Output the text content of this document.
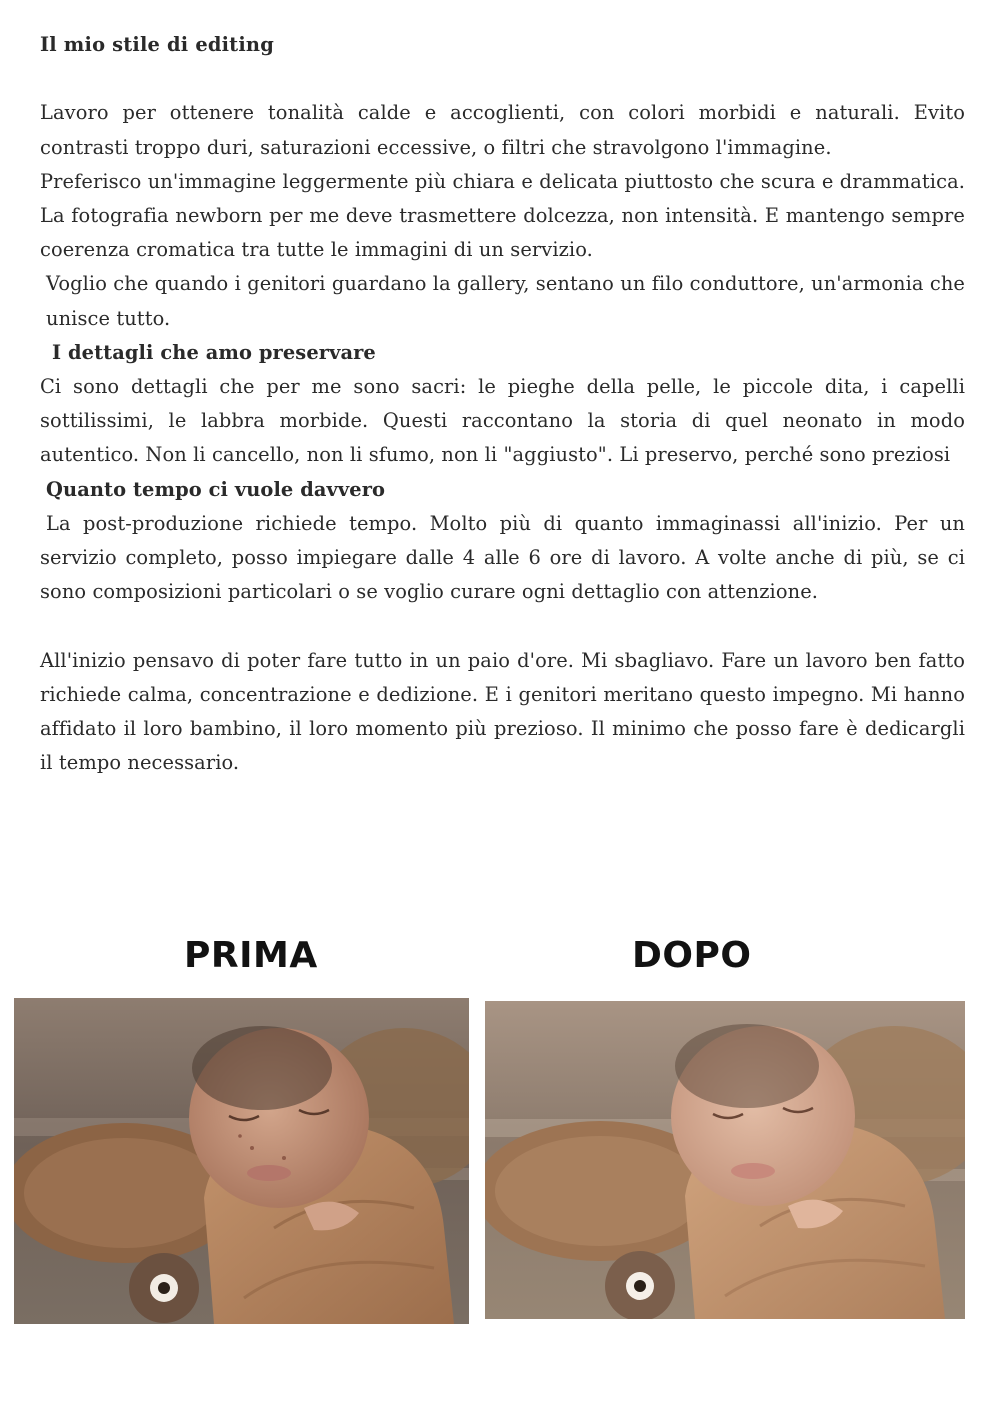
Il mio stile di editing

Lavoro per ottenere tonalità calde e accoglienti, con colori morbidi e naturali. Evito contrasti troppo duri, saturazioni eccessive, o filtri che stravolgono l'immagine.

Preferisco un'immagine leggermente più chiara e delicata piuttosto che scura e drammatica. La fotografia newborn per me deve trasmettere dolcezza, non intensità. E mantengo sempre coerenza cromatica tra tutte le immagini di un servizio.

Voglio che quando i genitori guardano la gallery, sentano un filo conduttore, un'armonia che unisce tutto.

I dettagli che amo preservare

Ci sono dettagli che per me sono sacri: le pieghe della pelle, le piccole dita, i capelli sottilissimi, le labbra morbide. Questi raccontano la storia di quel neonato in modo autentico. Non li cancello, non li sfumo, non li "aggiusto". Li preservo, perché sono preziosi

Quanto tempo ci vuole davvero

La post-produzione richiede tempo. Molto più di quanto immaginassi all'inizio. Per un servizio completo, posso impiegare dalle 4 alle 6 ore di lavoro. A volte anche di più, se ci sono composizioni particolari o se voglio curare ogni dettaglio con attenzione.

All'inizio pensavo di poter fare tutto in un paio d'ore. Mi sbagliavo. Fare un lavoro ben fatto richiede calma, concentrazione e dedizione. E i genitori meritano questo impegno. Mi hanno affidato il loro bambino, il loro momento più prezioso. Il minimo che posso fare è dedicargli il tempo necessario.

PRIMA	DOPO
